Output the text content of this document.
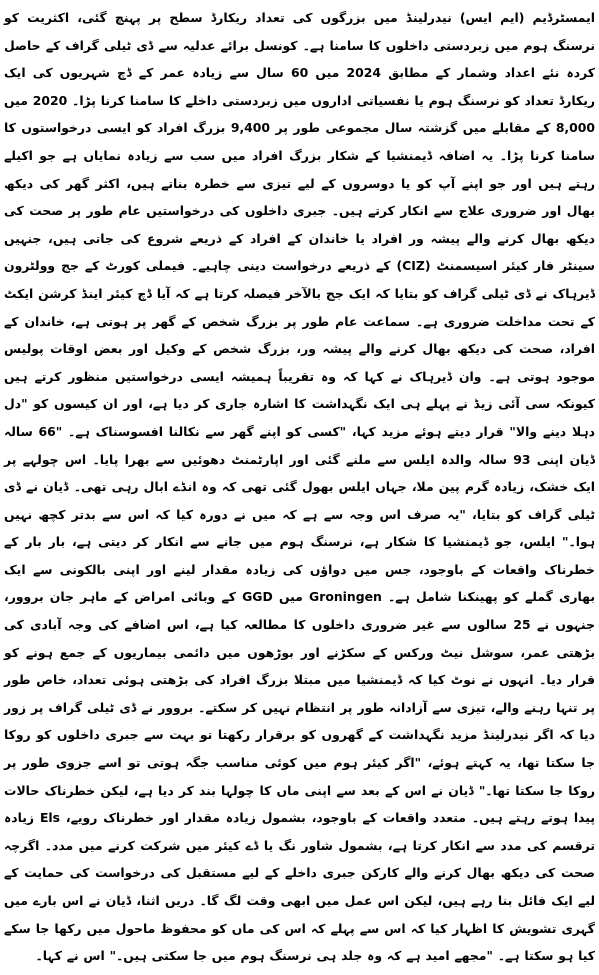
ایمسٹرڈیم (ایم ایس) نیدرلینڈ میں بزرگوں کی تعداد ریکارڈ سطح پر پہنچ گئی، اکثریت کو نرسنگ ہوم میں زبردستی داخلوں کا سامنا ہے۔ کونسل برائے عدلیہ سے ڈی ٹیلی گراف کے حاصل کردہ نئے اعداد وشمار کے مطابق 2024 میں 60 سال سے زیادہ عمر کے ڈچ شہریوں کی ایک ریکارڈ تعداد کو نرسنگ ہوم یا نفسیاتی اداروں میں زبردستی داخلے کا سامنا کرنا پڑا۔ 2020 میں 8,000 کے مقابلے میں گزشتہ سال مجموعی طور پر 9,400 بزرگ افراد کو ایسی درخواستوں کا سامنا کرنا پڑا۔ یہ اضافہ ڈیمنشیا کے شکار بزرگ افراد میں سب سے زیادہ نمایاں ہے جو اکیلے رہتے ہیں اور جو اپنے آپ کو یا دوسروں کے لیے تیزی سے خطرہ بناتے ہیں، اکثر گھر کی دیکھ بھال اور ضروری علاج سے انکار کرتے ہیں۔ جبری داخلوں کی درخواستیں عام طور پر صحت کی دیکھ بھال کرنے والے پیشہ ور افراد یا خاندان کے افراد کے ذریعے شروع کی جاتی ہیں، جنہیں سینٹر فار کیئر اسیسمنٹ (CIZ) کے ذریعے درخواست دینی چاہیے۔ فیملی کورٹ کے جج وولٹرون ڈیرہاک نے ڈی ٹیلی گراف کو بتایا کہ ایک جج بالآخر فیصلہ کرتا ہے کہ آیا ڈچ کیئر اینڈ کرشن ایکٹ کے تحت مداخلت ضروری ہے۔ سماعت عام طور پر بزرگ شخص کے گھر پر ہوتی ہے، خاندان کے افراد، صحت کی دیکھ بھال کرنے والے پیشہ ور، بزرگ شخص کے وکیل اور بعض اوقات پولیس موجود ہوتی ہے۔ وان ڈیرہاک نے کہا کہ وہ تقریباً ہمیشہ ایسی درخواستیں منظور کرتے ہیں کیونکہ سی آئی زیڈ نے پہلے ہی ایک نگہداشت کا اشارہ جاری کر دیا ہے، اور ان کیسوں کو "دل دہلا دینے والا" قرار دیتے ہوئے مزید کہا، "کسی کو اپنے گھر سے نکالنا افسوسناک ہے۔ "66 سالہ ڈیان اپنی 93 سالہ والدہ ایلس سے ملنے گئی اور اپارٹمنٹ دھوئیں سے بھرا پایا۔ اس چولہے پر ایک خشک، زیادہ گرم پین ملا، جہاں ایلس بھول گئی تھی کہ وہ انڈے ابال رہی تھی۔ ڈیان نے ڈی ٹیلی گراف کو بتایا، "یہ صرف اس وجہ سے ہے کہ میں نے دورہ کیا کہ اس سے بدتر کچھ نہیں ہوا۔" ایلس، جو ڈیمنشیا کا شکار ہے، نرسنگ ہوم میں جانے سے انکار کر دیتی ہے، بار بار کے خطرناک واقعات کے باوجود، جس میں دواؤں کی زیادہ مقدار لینے اور اپنی بالکونی سے ایک بھاری گملے کو پھینکنا شامل ہے۔ Groningen میں GGD کے وبائی امراض کے ماہر جان بروور، جنہوں نے 25 سالوں سے غیر ضروری داخلوں کا مطالعہ کیا ہے، اس اضافے کی وجہ آبادی کی بڑھتی عمر، سوشل نیٹ ورکس کے سکڑنے اور بوڑھوں میں دائمی بیماریوں کے جمع ہونے کو قرار دیا۔ انہوں نے نوٹ کیا کہ ڈیمنشیا میں مبتلا بزرگ افراد کی بڑھتی ہوئی تعداد، خاص طور پر تنہا رہنے والے، تیزی سے آزادانہ طور پر انتظام نہیں کر سکتے۔ بروور نے ڈی ٹیلی گراف پر زور دیا کہ اگر نیدرلینڈ مزید نگہداشت کے گھروں کو برقرار رکھتا تو بہت سے جبری داخلوں کو روکا جا سکتا تھا، یہ کہتے ہوئے، "اگر کیئر ہوم میں کوئی مناسب جگہ ہوتی تو اسے جزوی طور پر روکا جا سکتا تھا۔" ڈیان نے اس کے بعد سے اپنی ماں کا چولہا بند کر دیا ہے، لیکن خطرناک حالات پیدا ہوتے رہتے ہیں۔ متعدد واقعات کے باوجود، بشمول زیادہ مقدار اور خطرناک رویے، Els زیادہ ترقسم کی مدد سے انکار کرتا ہے، بشمول شاور نگ یا ڈے کیئر میں شرکت کرنے میں مدد۔ اگرچہ صحت کی دیکھ بھال کرنے والے کارکن جبری داخلے کے لیے مستقبل کی درخواست کی حمایت کے لیے ایک فائل بنا رہے ہیں، لیکن اس عمل میں ابھی وقت لگ گا۔ دریں اثنا، ڈیان نے اس بارے میں گہری تشویش کا اظہار کیا کہ اس سے پہلے کہ اس کی ماں کو محفوظ ماحول میں رکھا جا سکے کیا ہو سکتا ہے۔ "مجھے امید ہے کہ وہ جلد ہی نرسنگ ہوم میں جا سکتی ہیں۔" اس نے کہا۔
